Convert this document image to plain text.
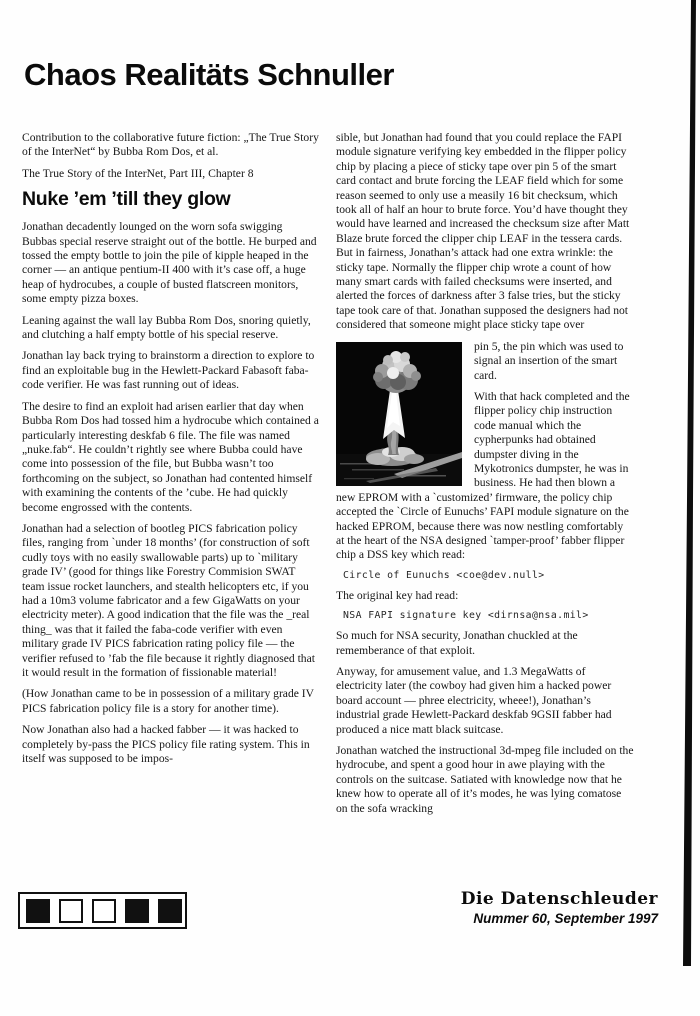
Chaos Realitäts Schnuller

Contribution to the collaborative future fiction: „The True Story of the InterNet“ by Bubba Rom Dos, et al.

The True Story of the InterNet, Part III, Chapter 8

Nuke ’em ’till they glow

Jonathan decadently lounged on the worn sofa swigging Bubbas special reserve straight out of the bottle. He burped and tossed the empty bottle to join the pile of kipple heaped in the corner — an antique pentium-II 400 with it’s case off, a huge heap of hydrocubes, a couple of busted flatscreen monitors, some empty pizza boxes.

Leaning against the wall lay Bubba Rom Dos, snoring quietly, and clutching a half empty bottle of his special reserve.

Jonathan lay back trying to brainstorm a direction to explore to find an exploitable bug in the Hewlett-Packard Fabasoft faba-code verifier. He was fast running out of ideas.

The desire to find an exploit had arisen earlier that day when Bubba Rom Dos had tossed him a hydrocube which contained a particularly interesting deskfab 6 file. The file was named „nuke.fab“. He couldn’t rightly see where Bubba could have come into possession of the file, but Bubba wasn’t too forthcoming on the subject, so Jonathan had contented himself with examining the contents of the ’cube. He had quickly become engrossed with the contents.

Jonathan had a selection of bootleg PICS fabrication policy files, ranging from `under 18 months’ (for construction of soft cudly toys with no easily swallowable parts) up to `military grade IV’ (good for things like Forestry Commision SWAT team issue rocket launchers, and stealth helicopters etc, if you had a 10m3 volume fabricator and a few GigaWatts on your electricity meter). A good indication that the file was the _real thing_ was that it failed the faba-code verifier with even military grade IV PICS fabrication rating policy file — the verifier refused to ’fab the file because it rightly diagnosed that it would result in the formation of fissionable material!

(How Jonathan came to be in possession of a military grade IV PICS fabrication policy file is a story for another time).

Now Jonathan also had a hacked fabber — it was hacked to completely by-pass the PICS policy file rating system. This in itself was supposed to be impos-

sible, but Jonathan had found that you could replace the FAPI module signature verifying key embedded in the flipper policy chip by placing a piece of sticky tape over pin 5 of the smart card contact and brute forcing the LEAF field which for some reason seemed to only use a measily 16 bit checksum, which took all of half an hour to brute force. You’d have thought they would have learned and increased the checksum size after Matt Blaze brute forced the clipper chip LEAF in the tessera cards. But in fairness, Jonathan’s attack had one extra wrinkle: the sticky tape. Normally the flipper chip wrote a count of how many smart cards with failed checksums were inserted, and alerted the forces of darkness after 3 false tries, but the sticky tape took care of that. Jonathan supposed the designers had not considered that someone might place sticky tape over

pin 5, the pin which was used to signal an insertion of the smart card.

With that hack completed and the flipper policy chip instruction code manual which the cypherpunks had obtained dumpster diving in the Mykotronics dumpster, he was in business. He had then blown a new EPROM with a `customized’ firmware, the policy chip accepted the `Circle of Eunuchs’ FAPI module signature on the hacked EPROM, because there was now nestling comfortably at the heart of the NSA designed `tamper-proof’ fabber flipper chip a DSS key which read:

Circle of Eunuchs <coe@dev.null>

The original key had read:

NSA FAPI signature key <dirnsa@nsa.mil>

So much for NSA security, Jonathan chuckled at the rememberance of that exploit.

Anyway, for amusement value, and 1.3 MegaWatts of electricity later (the cowboy had given him a hacked power board account — phree electricity, wheee!), Jonathan’s industrial grade Hewlett-Packard deskfab 9GSII fabber had produced a nice matt black suitcase.

Jonathan watched the instructional 3d-mpeg file included on the hydrocube, and spent a good hour in awe playing with the controls on the suitcase. Satiated with knowledge now that he knew how to operate all of it’s modes, he was lying comatose on the sofa wracking

Die Datenschleuder
Nummer 60, September 1997
